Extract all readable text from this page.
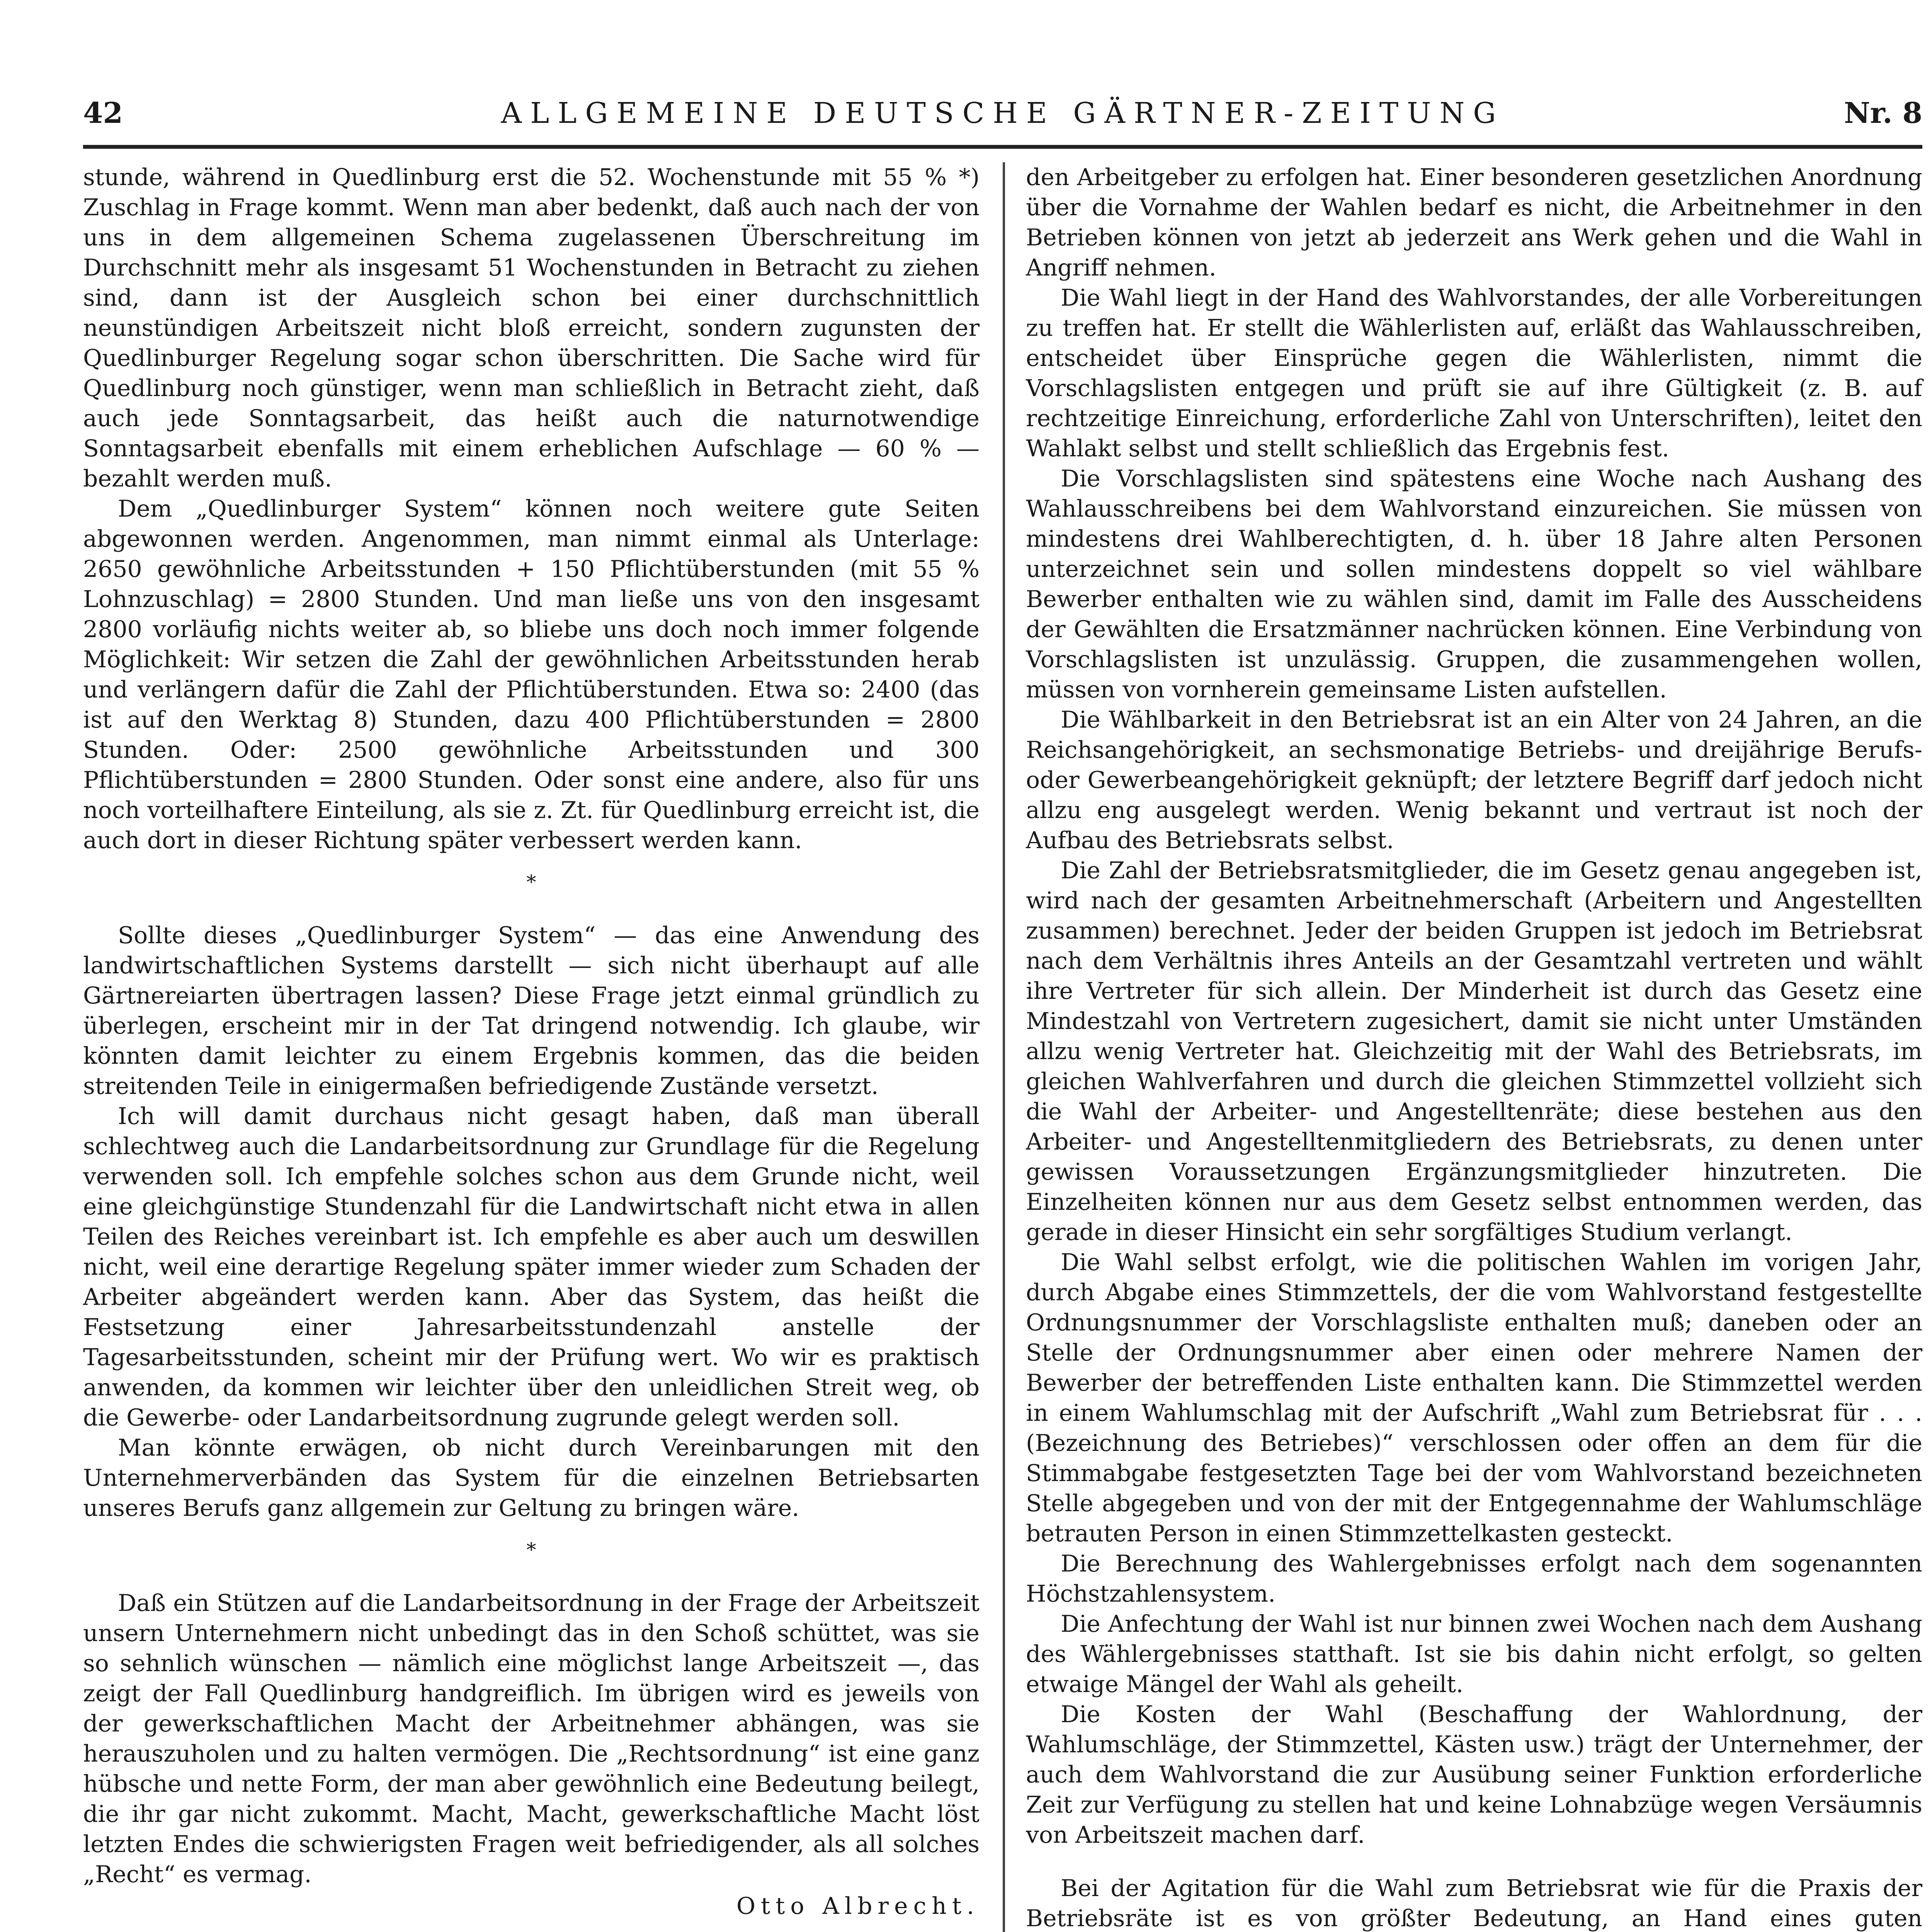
42	ALLGEMEINE DEUTSCHE GÄRTNER-ZEITUNG	Nr. 8

stunde, während in Quedlinburg erst die 52. Wochenstunde mit 55 % *) Zuschlag in Frage kommt. Wenn man aber bedenkt, daß auch nach der von uns in dem allgemeinen Schema zugelassenen Überschreitung im Durchschnitt mehr als insgesamt 51 Wochenstunden in Betracht zu ziehen sind, dann ist der Ausgleich schon bei einer durchschnittlich neunstündigen Arbeitszeit nicht bloß erreicht, sondern zugunsten der Quedlinburger Regelung sogar schon überschritten. Die Sache wird für Quedlinburg noch günstiger, wenn man schließlich in Betracht zieht, daß auch jede Sonntagsarbeit, das heißt auch die naturnotwendige Sonntagsarbeit ebenfalls mit einem erheblichen Aufschlage — 60 % — bezahlt werden muß.

Dem „Quedlinburger System“ können noch weitere gute Seiten abgewonnen werden. Angenommen, man nimmt einmal als Unterlage: 2650 gewöhnliche Arbeitsstunden + 150 Pflichtüberstunden (mit 55 % Lohnzuschlag) = 2800 Stunden. Und man ließe uns von den insgesamt 2800 vorläufig nichts weiter ab, so bliebe uns doch noch immer folgende Möglichkeit: Wir setzen die Zahl der gewöhnlichen Arbeitsstunden herab und verlängern dafür die Zahl der Pflichtüberstunden. Etwa so: 2400 (das ist auf den Werktag 8) Stunden, dazu 400 Pflichtüberstunden = 2800 Stunden. Oder: 2500 gewöhnliche Arbeitsstunden und 300 Pflichtüberstunden = 2800 Stunden. Oder sonst eine andere, also für uns noch vorteilhaftere Einteilung, als sie z. Zt. für Quedlinburg erreicht ist, die auch dort in dieser Richtung später verbessert werden kann.

*

Sollte dieses „Quedlinburger System“ — das eine Anwendung des landwirtschaftlichen Systems darstellt — sich nicht überhaupt auf alle Gärtnereiarten übertragen lassen? Diese Frage jetzt einmal gründlich zu überlegen, erscheint mir in der Tat dringend notwendig. Ich glaube, wir könnten damit leichter zu einem Ergebnis kommen, das die beiden streitenden Teile in einigermaßen befriedigende Zustände versetzt.

Ich will damit durchaus nicht gesagt haben, daß man überall schlechtweg auch die Landarbeitsordnung zur Grundlage für die Regelung verwenden soll. Ich empfehle solches schon aus dem Grunde nicht, weil eine gleichgünstige Stundenzahl für die Landwirtschaft nicht etwa in allen Teilen des Reiches vereinbart ist. Ich empfehle es aber auch um deswillen nicht, weil eine derartige Regelung später immer wieder zum Schaden der Arbeiter abgeändert werden kann. Aber das System, das heißt die Festsetzung einer Jahresarbeitsstundenzahl anstelle der Tagesarbeitsstunden, scheint mir der Prüfung wert. Wo wir es praktisch anwenden, da kommen wir leichter über den unleidlichen Streit weg, ob die Gewerbe- oder Landarbeitsordnung zugrunde gelegt werden soll.

Man könnte erwägen, ob nicht durch Vereinbarungen mit den Unternehmerverbänden das System für die einzelnen Betriebsarten unseres Berufs ganz allgemein zur Geltung zu bringen wäre.

*

Daß ein Stützen auf die Landarbeitsordnung in der Frage der Arbeitszeit unsern Unternehmern nicht unbedingt das in den Schoß schüttet, was sie so sehnlich wünschen — nämlich eine möglichst lange Arbeitszeit —, das zeigt der Fall Quedlinburg handgreiflich. Im übrigen wird es jeweils von der gewerkschaftlichen Macht der Arbeitnehmer abhängen, was sie herauszuholen und zu halten vermögen. Die „Rechtsordnung“ ist eine ganz hübsche und nette Form, der man aber gewöhnlich eine Bedeutung beilegt, die ihr gar nicht zukommt. Macht, Macht, gewerkschaftliche Macht löst letzten Endes die schwierigsten Fragen weit befriedigender, als all solches „Recht“ es vermag.

Otto Albrecht.

den Arbeitgeber zu erfolgen hat. Einer besonderen gesetzlichen Anordnung über die Vornahme der Wahlen bedarf es nicht, die Arbeitnehmer in den Betrieben können von jetzt ab jederzeit ans Werk gehen und die Wahl in Angriff nehmen.

Die Wahl liegt in der Hand des Wahlvorstandes, der alle Vorbereitungen zu treffen hat. Er stellt die Wählerlisten auf, erläßt das Wahlausschreiben, entscheidet über Einsprüche gegen die Wählerlisten, nimmt die Vorschlagslisten entgegen und prüft sie auf ihre Gültigkeit (z. B. auf rechtzeitige Einreichung, erforderliche Zahl von Unterschriften), leitet den Wahlakt selbst und stellt schließlich das Ergebnis fest.

Die Vorschlagslisten sind spätestens eine Woche nach Aushang des Wahlausschreibens bei dem Wahlvorstand einzureichen. Sie müssen von mindestens drei Wahlberechtigten, d. h. über 18 Jahre alten Personen unterzeichnet sein und sollen mindestens doppelt so viel wählbare Bewerber enthalten wie zu wählen sind, damit im Falle des Ausscheidens der Gewählten die Ersatzmänner nachrücken können. Eine Verbindung von Vorschlagslisten ist unzulässig. Gruppen, die zusammengehen wollen, müssen von vornherein gemeinsame Listen aufstellen.

Die Wählbarkeit in den Betriebsrat ist an ein Alter von 24 Jahren, an die Reichsangehörigkeit, an sechsmonatige Betriebs- und dreijährige Berufs- oder Gewerbeangehörigkeit geknüpft; der letztere Begriff darf jedoch nicht allzu eng ausgelegt werden. Wenig bekannt und vertraut ist noch der Aufbau des Betriebsrats selbst.

Die Zahl der Betriebsratsmitglieder, die im Gesetz genau angegeben ist, wird nach der gesamten Arbeitnehmerschaft (Arbeitern und Angestellten zusammen) berechnet. Jeder der beiden Gruppen ist jedoch im Betriebsrat nach dem Verhältnis ihres Anteils an der Gesamtzahl vertreten und wählt ihre Vertreter für sich allein. Der Minderheit ist durch das Gesetz eine Mindestzahl von Vertretern zugesichert, damit sie nicht unter Umständen allzu wenig Vertreter hat. Gleichzeitig mit der Wahl des Betriebsrats, im gleichen Wahlverfahren und durch die gleichen Stimmzettel vollzieht sich die Wahl der Arbeiter- und Angestelltenräte; diese bestehen aus den Arbeiter- und Angestelltenmitgliedern des Betriebsrats, zu denen unter gewissen Voraussetzungen Ergänzungsmitglieder hinzutreten. Die Einzelheiten können nur aus dem Gesetz selbst entnommen werden, das gerade in dieser Hinsicht ein sehr sorgfältiges Studium verlangt.

Die Wahl selbst erfolgt, wie die politischen Wahlen im vorigen Jahr, durch Abgabe eines Stimmzettels, der die vom Wahlvorstand festgestellte Ordnungsnummer der Vorschlagsliste enthalten muß; daneben oder an Stelle der Ordnungsnummer aber einen oder mehrere Namen der Bewerber der betreffenden Liste enthalten kann. Die Stimmzettel werden in einem Wahlumschlag mit der Aufschrift „Wahl zum Betriebsrat für . . . (Bezeichnung des Betriebes)“ verschlossen oder offen an dem für die Stimmabgabe festgesetzten Tage bei der vom Wahlvorstand bezeichneten Stelle abgegeben und von der mit der Entgegennahme der Wahlumschläge betrauten Person in einen Stimmzettelkasten gesteckt.

Die Berechnung des Wahlergebnisses erfolgt nach dem sogenannten Höchstzahlensystem.

Die Anfechtung der Wahl ist nur binnen zwei Wochen nach dem Aushang des Wählergebnisses statthaft. Ist sie bis dahin nicht erfolgt, so gelten etwaige Mängel der Wahl als geheilt.

Die Kosten der Wahl (Beschaffung der Wahlordnung, der Wahlumschläge, der Stimmzettel, Kästen usw.) trägt der Unternehmer, der auch dem Wahlvorstand die zur Ausübung seiner Funktion erforderliche Zeit zur Verfügung zu stellen hat und keine Lohnabzüge wegen Versäumnis von Arbeitszeit machen darf.

Bei der Agitation für die Wahl zum Betriebsrat wie für die Praxis der Betriebsräte ist es von größter Bedeutung, an Hand eines guten
